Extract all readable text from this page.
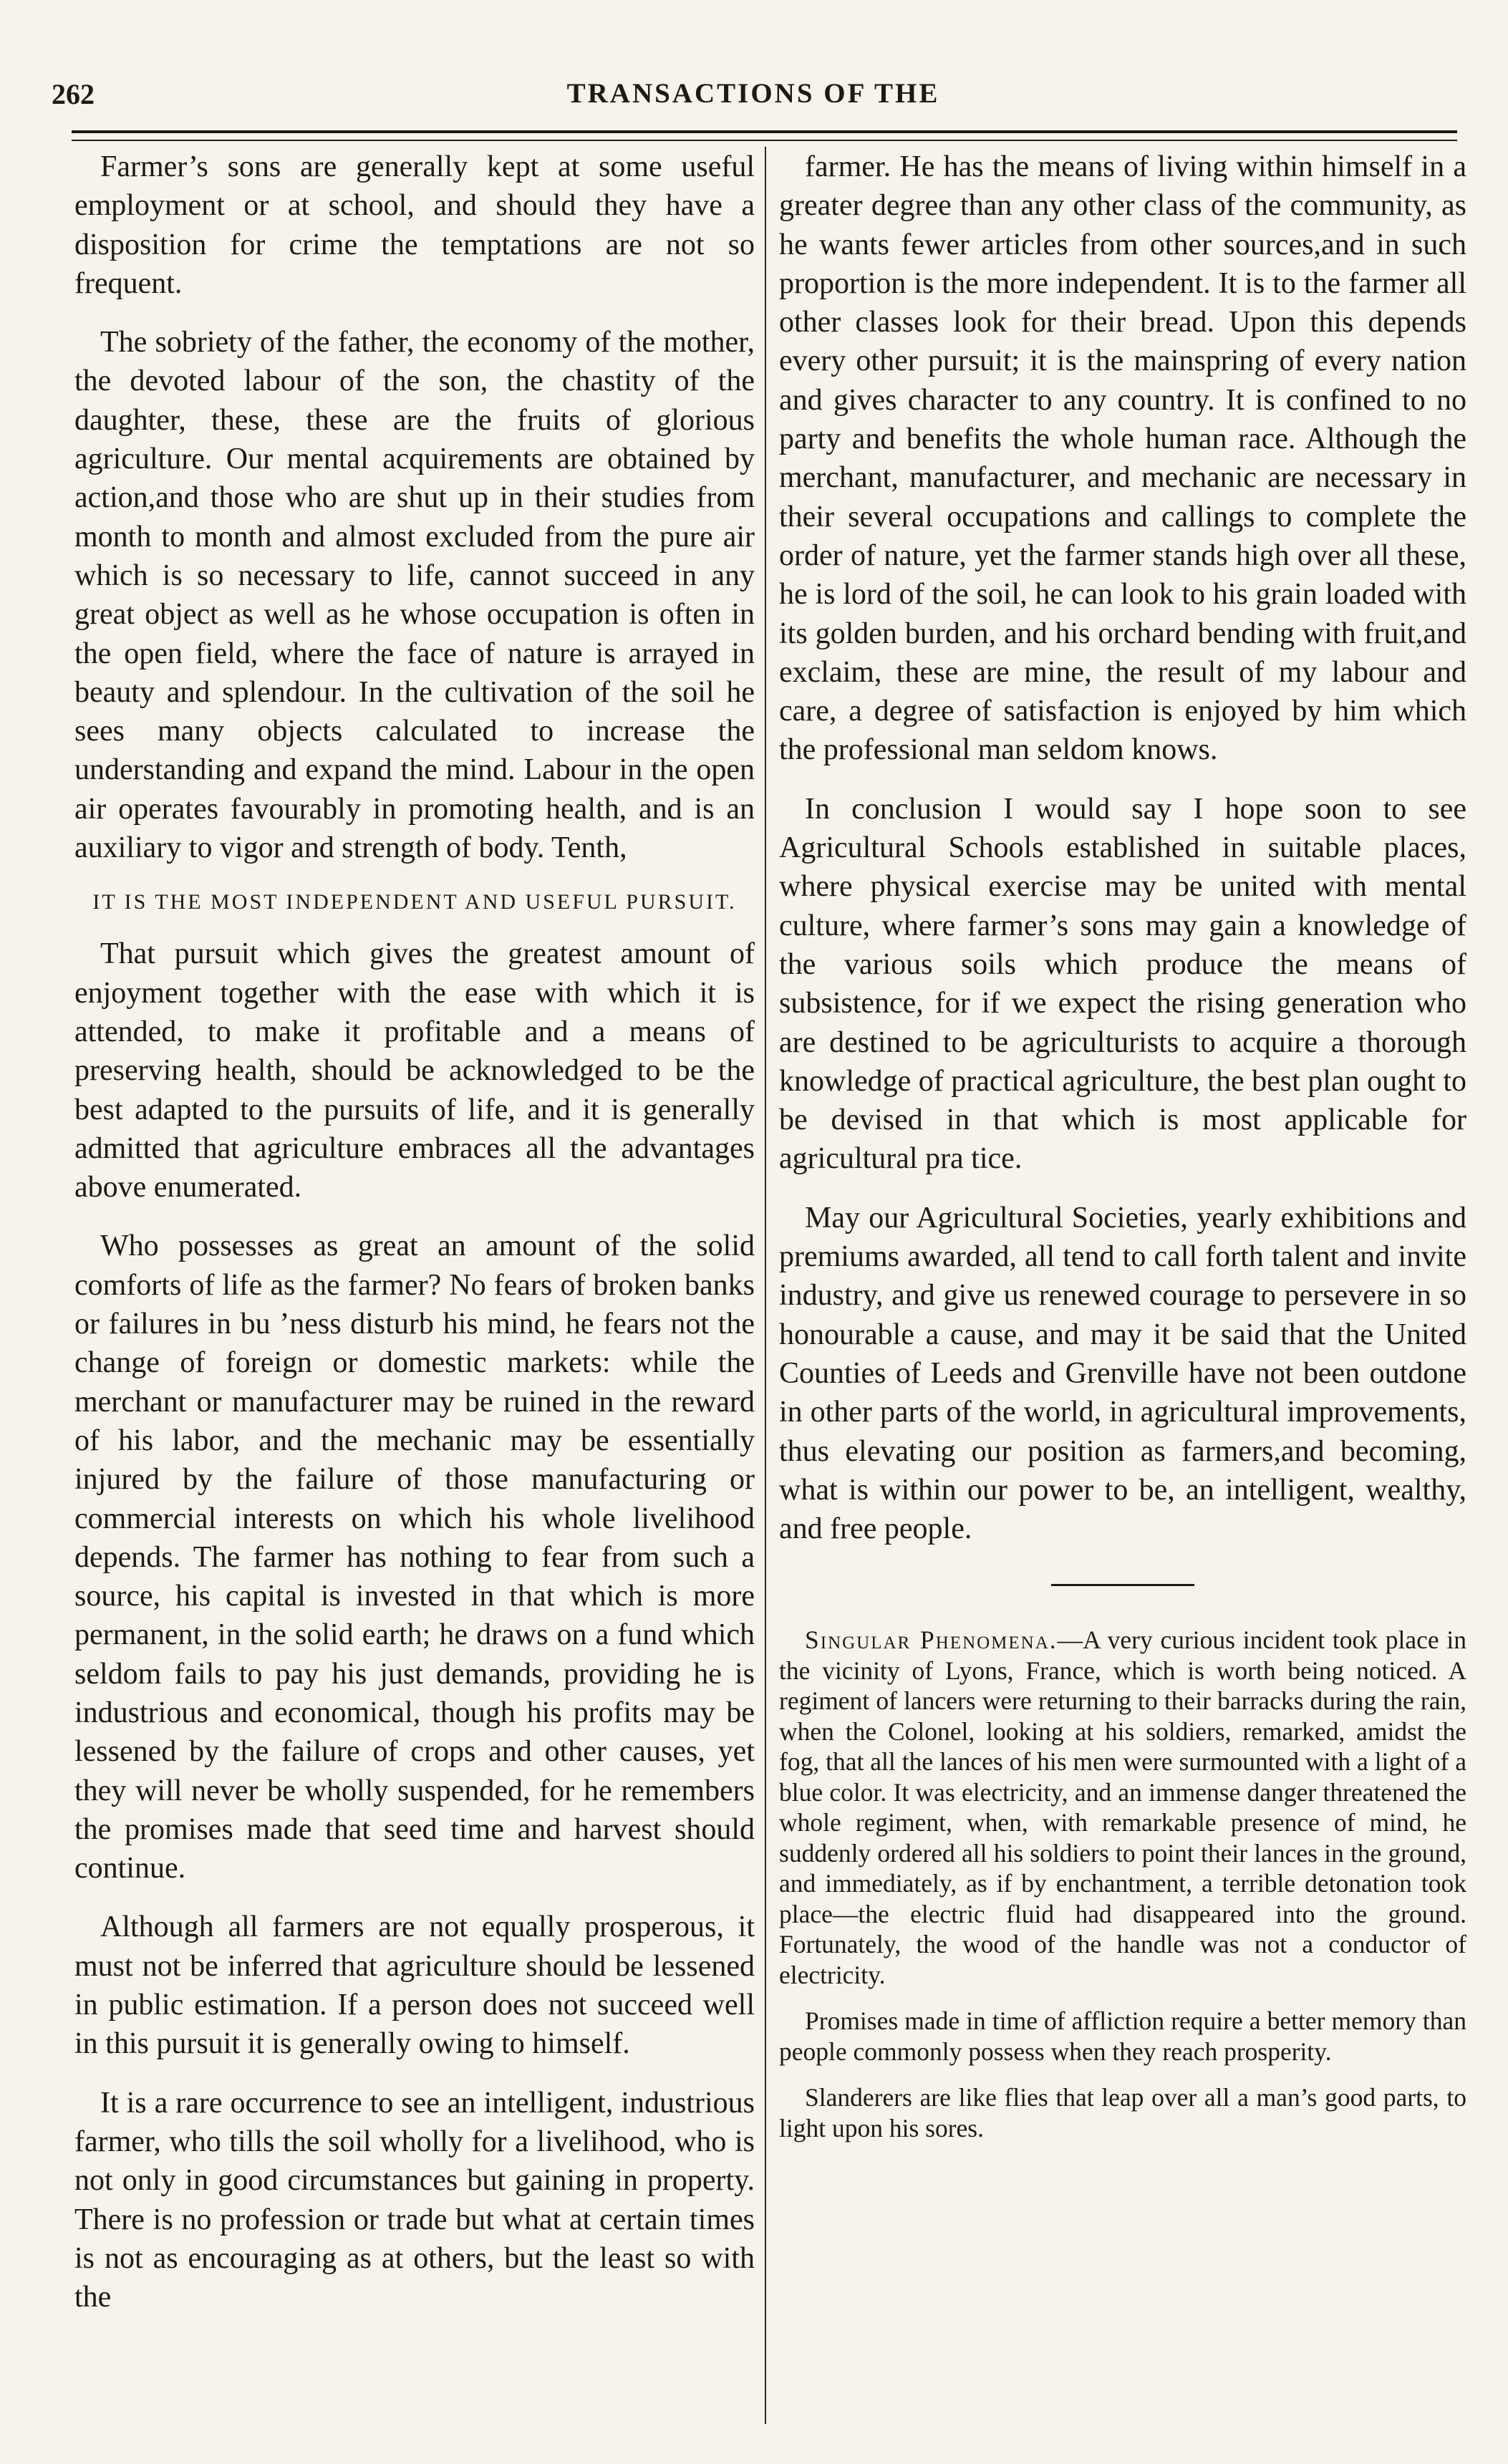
262	TRANSACTIONS OF THE

Farmer’s sons are generally kept at some useful employment or at school, and should they have a disposition for crime the temptations are not so frequent.

The sobriety of the father, the economy of the mother, the devoted labour of the son, the chastity of the daughter, these, these are the fruits of glorious agriculture. Our mental acquirements are obtained by action,and those who are shut up in their studies from month to month and almost excluded from the pure air which is so necessary to life, cannot succeed in any great object as well as he whose occupation is often in the open field, where the face of nature is arrayed in beauty and splendour. In the cultivation of the soil he sees many objects calculated to increase the understanding and expand the mind. Labour in the open air operates favourably in promoting health, and is an auxiliary to vigor and strength of body. Tenth,

IT IS THE MOST INDEPENDENT AND USEFUL PURSUIT.

That pursuit which gives the greatest amount of enjoyment together with the ease with which it is attended, to make it profitable and a means of preserving health, should be acknowledged to be the best adapted to the pursuits of life, and it is generally admitted that agriculture embraces all the advantages above enumerated.

Who possesses as great an amount of the solid comforts of life as the farmer? No fears of broken banks or failures in bu ’ness disturb his mind, he fears not the change of foreign or domestic markets: while the merchant or manufacturer may be ruined in the reward of his labor, and the mechanic may be essentially injured by the failure of those manufacturing or commercial interests on which his whole livelihood depends. The farmer has nothing to fear from such a source, his capital is invested in that which is more permanent, in the solid earth; he draws on a fund which seldom fails to pay his just demands, providing he is industrious and economical, though his profits may be lessened by the failure of crops and other causes, yet they will never be wholly suspended, for he remembers the promises made that seed time and harvest should continue.

Although all farmers are not equally prosperous, it must not be inferred that agriculture should be lessened in public estimation. If a person does not succeed well in this pursuit it is generally owing to himself.

It is a rare occurrence to see an intelligent, industrious farmer, who tills the soil wholly for a livelihood, who is not only in good circumstances but gaining in property. There is no profession or trade but what at certain times is not as encouraging as at others, but the least so with the

farmer. He has the means of living within himself in a greater degree than any other class of the community, as he wants fewer articles from other sources,and in such proportion is the more independent. It is to the farmer all other classes look for their bread. Upon this depends every other pursuit; it is the mainspring of every nation and gives character to any country. It is confined to no party and benefits the whole human race. Although the merchant, manufacturer, and mechanic are necessary in their several occupations and callings to complete the order of nature, yet the farmer stands high over all these, he is lord of the soil, he can look to his grain loaded with its golden burden, and his orchard bending with fruit,and exclaim, these are mine, the result of my labour and care, a degree of satisfaction is enjoyed by him which the professional man seldom knows.

In conclusion I would say I hope soon to see Agricultural Schools established in suitable places, where physical exercise may be united with mental culture, where farmer’s sons may gain a knowledge of the various soils which produce the means of subsistence, for if we expect the rising generation who are destined to be agriculturists to acquire a thorough knowledge of practical agriculture, the best plan ought to be devised in that which is most applicable for agricultural pra tice.

May our Agricultural Societies, yearly exhibitions and premiums awarded, all tend to call forth talent and invite industry, and give us renewed courage to persevere in so honourable a cause, and may it be said that the United Counties of Leeds and Grenville have not been outdone in other parts of the world, in agricultural improvements, thus elevating our position as farmers,and becoming, what is within our power to be, an intelligent, wealthy, and free people.

Singular Phenomena.—A very curious incident took place in the vicinity of Lyons, France, which is worth being noticed. A regiment of lancers were returning to their barracks during the rain, when the Colonel, looking at his soldiers, remarked, amidst the fog, that all the lances of his men were surmounted with a light of a blue color. It was electricity, and an immense danger threatened the whole regiment, when, with remarkable presence of mind, he suddenly ordered all his soldiers to point their lances in the ground, and immediately, as if by enchantment, a terrible detonation took place—the electric fluid had disappeared into the ground. Fortunately, the wood of the handle was not a conductor of electricity.

Promises made in time of affliction require a better memory than people commonly possess when they reach prosperity.

Slanderers are like flies that leap over all a man’s good parts, to light upon his sores.
